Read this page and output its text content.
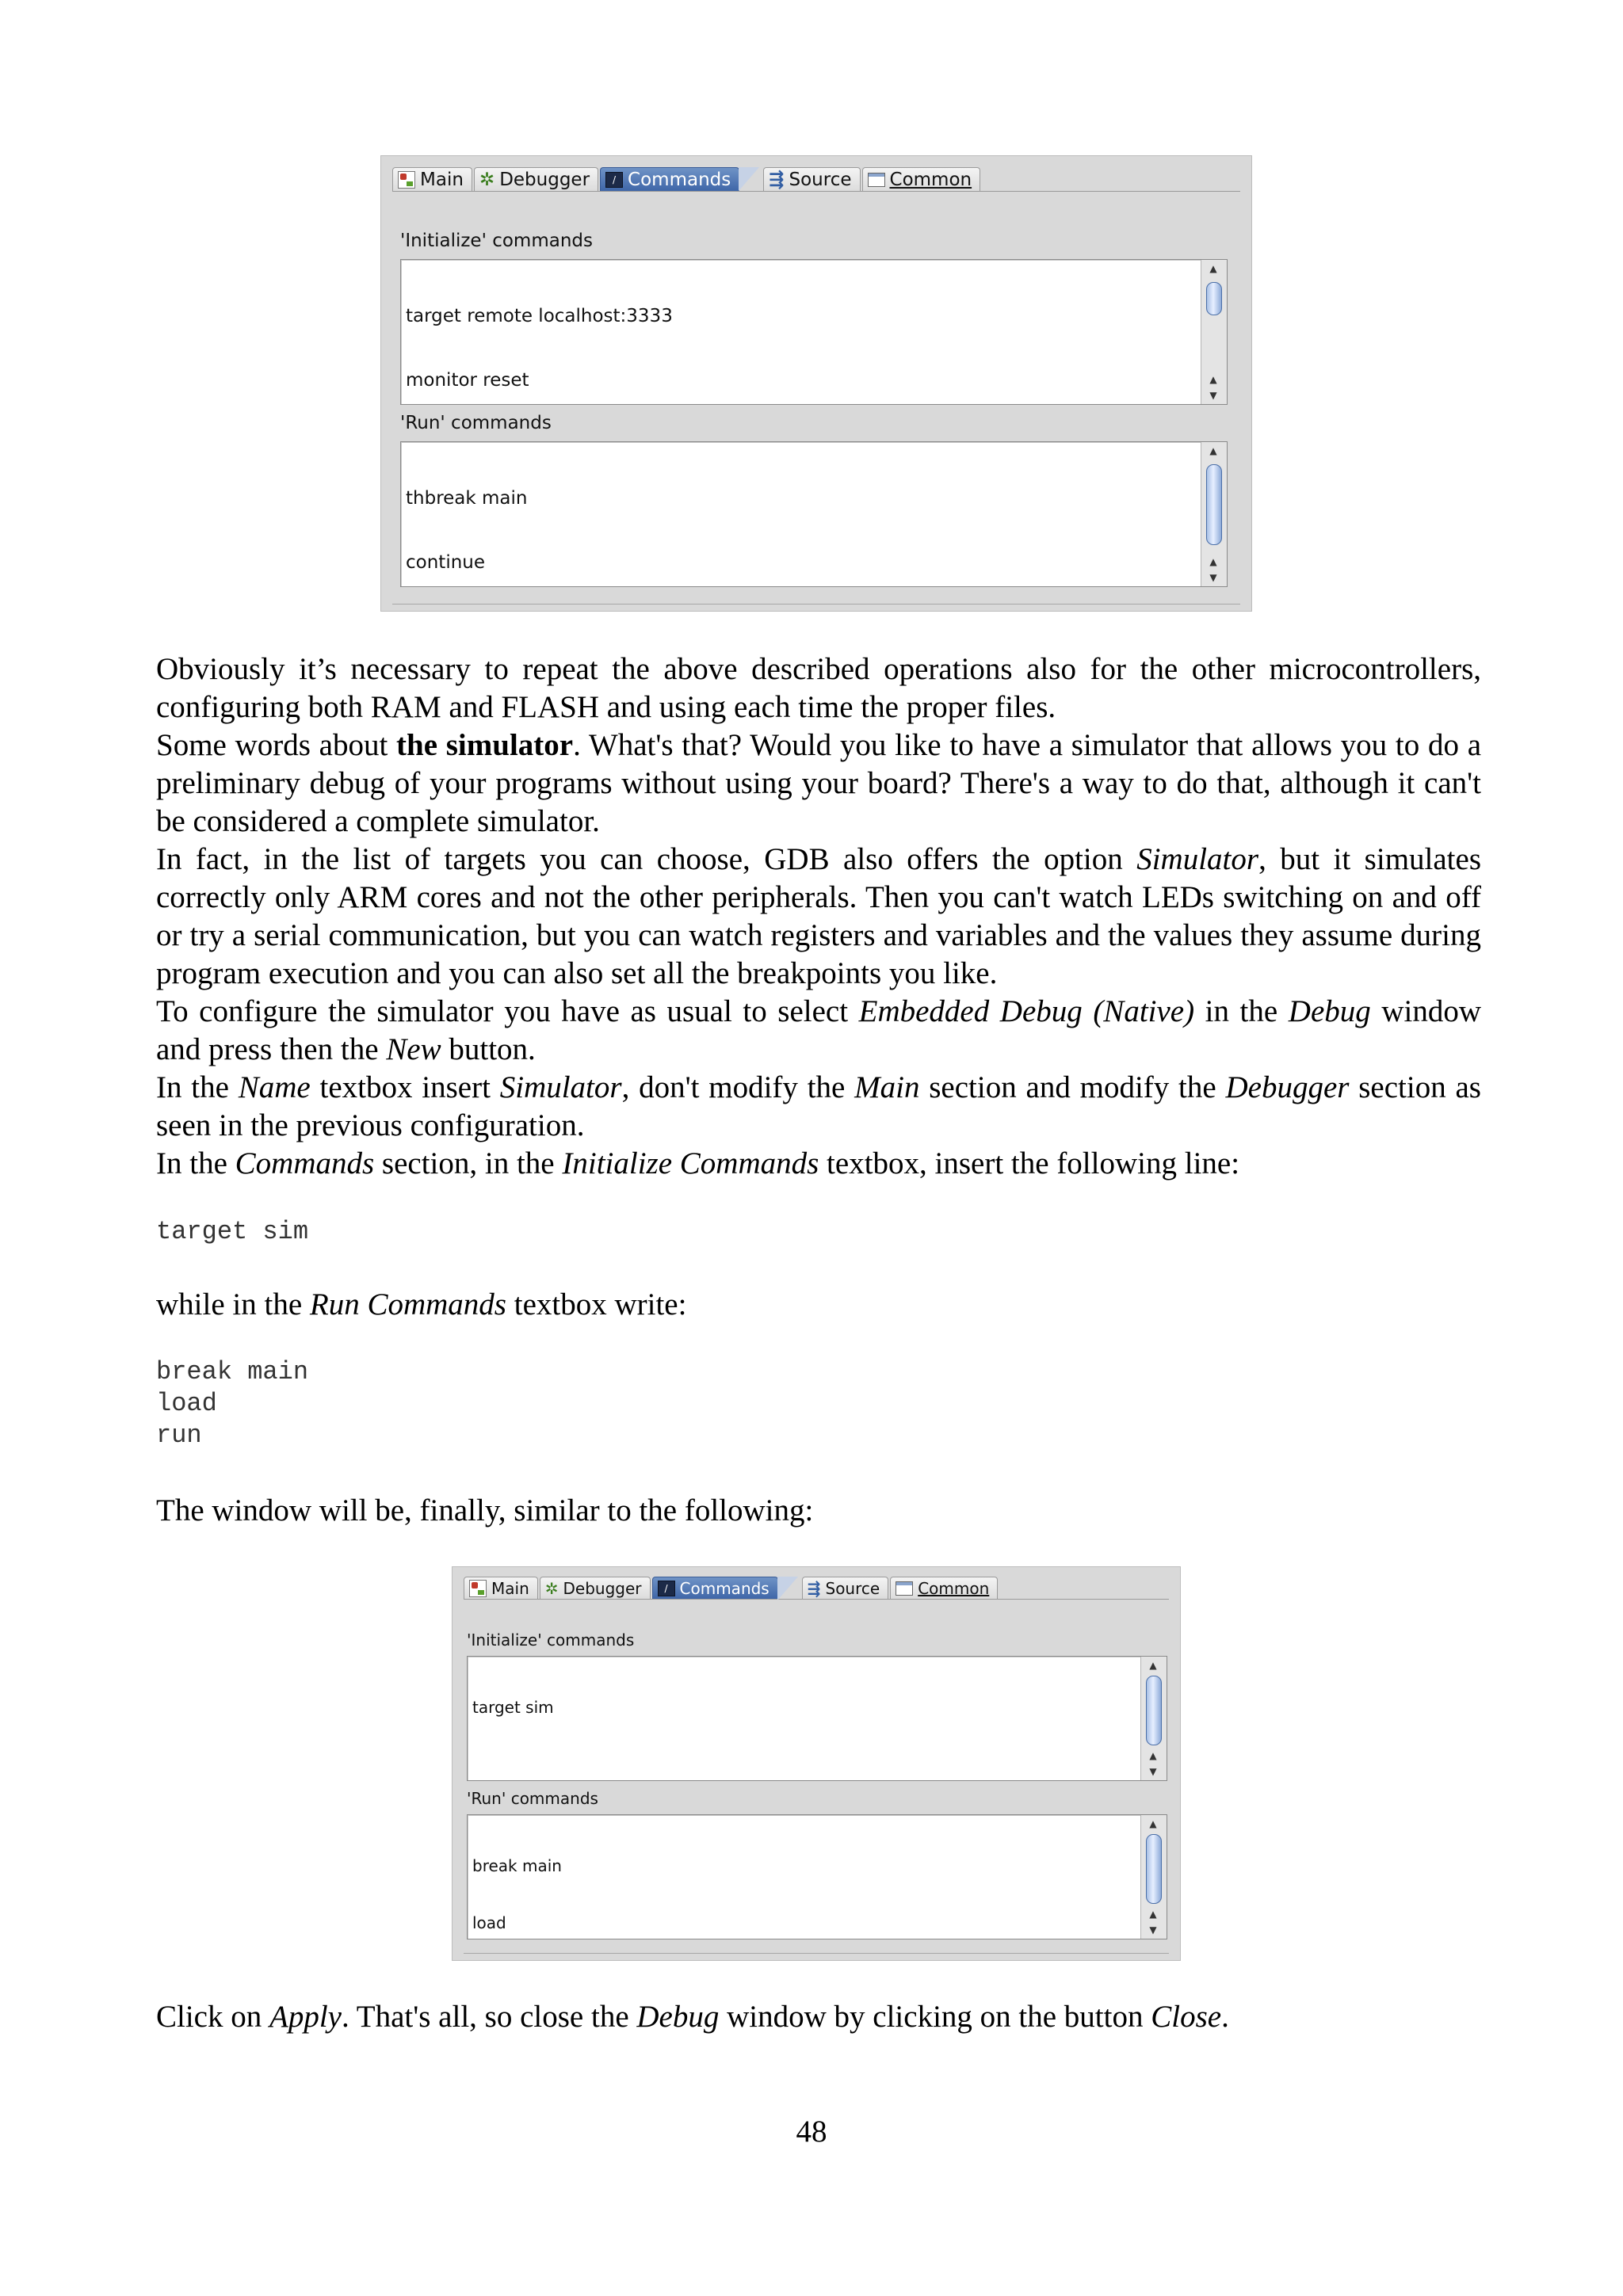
Main ✲ Debugger	/ Commands ⇶ Source Common
'Initialize' commands

target remote localhost:3333

monitor reset

▲
▲
▼
'Run' commands

thbreak main

continue

▲
▲
▼

Obviously it’s necessary to repeat the above described operations also for the other microcontrollers, configuring both RAM and FLASH and using each time the proper files.

Some words about the simulator. What's that? Would you like to have a simulator that allows you to do a preliminary debug of your programs without using your board? There's a way to do that, although it can't be considered a complete simulator.

In fact, in the list of targets you can choose, GDB also offers the option Simulator, but it simulates correctly only ARM cores and not the other peripherals. Then you can't watch LEDs switching on and off or try a serial communication, but you can watch registers and variables and the values they assume during program execution and you can also set all the breakpoints you like.

To configure the simulator you have as usual to select Embedded Debug (Native) in the Debug window and press then the New button.

In the Name textbox insert Simulator, don't modify the Main section and modify the Debugger section as seen in the previous configuration.

In the Commands section, in the Initialize Commands textbox, insert the following line:

target sim

while in the Run Commands textbox write:

break main
load
run

The window will be, finally, similar to the following:

Main ✲ Debugger	/ Commands ⇶ Source Common
'Initialize' commands

target sim

▲
▲
▼
'Run' commands

break main

load

▲
▲
▼

Click on Apply. That's all, so close the Debug window by clicking on the button Close.

48
